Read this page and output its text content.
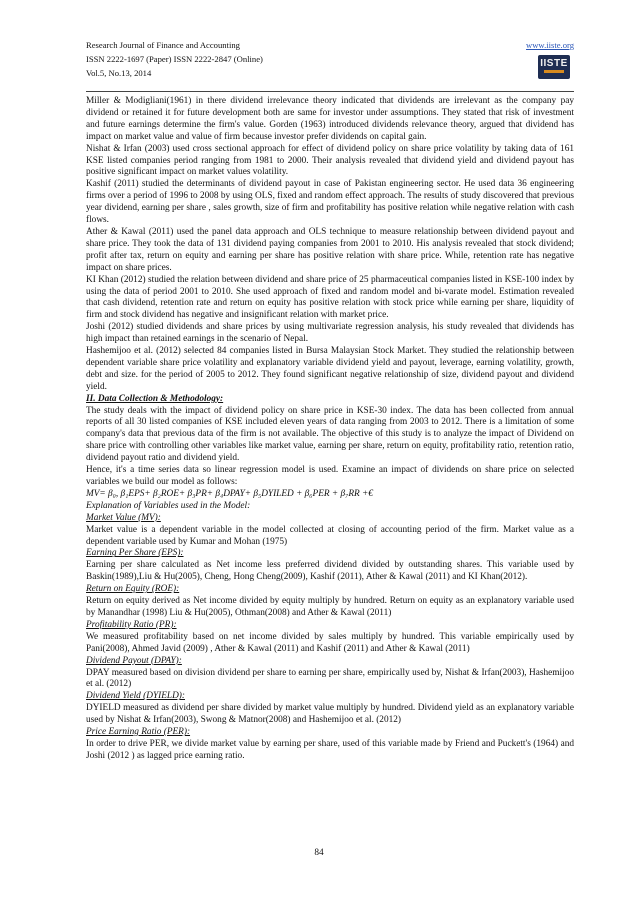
Research Journal of Finance and Accounting
ISSN 2222-1697 (Paper) ISSN 2222-2847 (Online)
Vol.5, No.13, 2014
www.iiste.org
IISTE

Miller & Modigliani(1961) in there dividend irrelevance theory indicated that dividends are irrelevant as the company pay dividend or retained it for future development both are same for investor under assumptions. They stated that risk of investment and future earnings determine the firm's value. Gorden (1963) introduced dividends relevance theory, argued that dividend has impact on market value and value of firm because investor prefer dividends on capital gain.

Nishat & Irfan (2003) used cross sectional approach for effect of dividend policy on share price volatility by taking data of 161 KSE listed companies period ranging from 1981 to 2000. Their analysis revealed that dividend yield and dividend payout has positive significant impact on market values volatility.

Kashif (2011) studied the determinants of dividend payout in case of Pakistan engineering sector. He used data 36 engineering firms over a period of 1996 to 2008 by using OLS, fixed and random effect approach. The results of study discovered that previous year dividend, earning per share , sales growth, size of firm and profitability has positive relation while negative relation with cash flows.

Ather & Kawal (2011) used the panel data approach and OLS technique to measure relationship between dividend payout and share price. They took the data of 131 dividend paying companies from 2001 to 2010. His analysis revealed that stock dividend; profit after tax, return on equity and earning per share has positive relation with share price. While, retention rate has negative impact on share prices.

KI Khan (2012) studied the relation between dividend and share price of 25 pharmaceutical companies listed in KSE-100 index by using the data of period 2001 to 2010. She used approach of fixed and random model and bi-varate model. Estimation revealed that cash dividend, retention rate and return on equity has positive relation with stock price while earning per share, liquidity of firm and stock dividend has negative and insignificant relation with market price.

Joshi (2012) studied dividends and share prices by using multivariate regression analysis, his study revealed that dividends has high impact than retained earnings in the scenario of Nepal.

Hashemijoo et al. (2012) selected 84 companies listed in Bursa Malaysian Stock Market. They studied the relationship between dependent variable share price volatility and explanatory variable dividend yield and payout, leverage, earning volatility, growth, debt and size. for the period of 2005 to 2012. They found significant negative relationship of size, dividend payout and dividend yield.

II. Data Collection & Methodology:

The study deals with the impact of dividend policy on share price in KSE-30 index. The data has been collected from annual reports of all 30 listed companies of KSE included eleven years of data ranging from 2003 to 2012. There is a limitation of some company's data that previous data of the firm is not available. The objective of this study is to analyze the impact of Dividend on share price with controlling other variables like market value, earning per share, return on equity, profitability ratio, retention ratio, dividend payout ratio and dividend yield.

Hence, it's a time series data so linear regression model is used. Examine an impact of dividends on share price on selected variables we build our model as follows:

MV= β₀, β₁EPS+ β₂ROE+ β₃PR+ β₄DPAY+ β₅DYILED + β₆PER + β₇RR +€

Explanation of Variables used in the Model:

Market Value (MV):

Market value is a dependent variable in the model collected at closing of accounting period of the firm. Market value as a dependent variable used by Kumar and Mohan (1975)

Earning Per Share (EPS):

Earning per share calculated as Net income less preferred dividend divided by outstanding shares. This variable used by Baskin(1989),Liu & Hu(2005), Cheng, Hong Cheng(2009), Kashif (2011), Ather & Kawal (2011) and KI Khan(2012).

Return on Equity (ROE):

Return on equity derived as Net income divided by equity multiply by hundred. Return on equity as an explanatory variable used by Manandhar (1998) Liu & Hu(2005), Othman(2008) and Ather & Kawal (2011)

Profitability Ratio (PR):

We measured profitability based on net income divided by sales multiply by hundred. This variable empirically used by Pani(2008), Ahmed Javid (2009) , Ather & Kawal (2011) and Kashif (2011) and Ather & Kawal (2011)

Dividend Payout (DPAY):

DPAY measured based on division dividend per share to earning per share, empirically used by, Nishat & Irfan(2003), Hashemijoo et al. (2012)

Dividend Yield (DYIELD):

DYIELD measured as dividend per share divided by market value multiply by hundred. Dividend yield as an explanatory variable used by Nishat & Irfan(2003), Swong & Matnor(2008) and Hashemijoo et al. (2012)

Price Earning Ratio (PER):

In order to drive PER, we divide market value by earning per share, used of this variable made by Friend and Puckett's (1964) and Joshi (2012 ) as lagged price earning ratio.

84
